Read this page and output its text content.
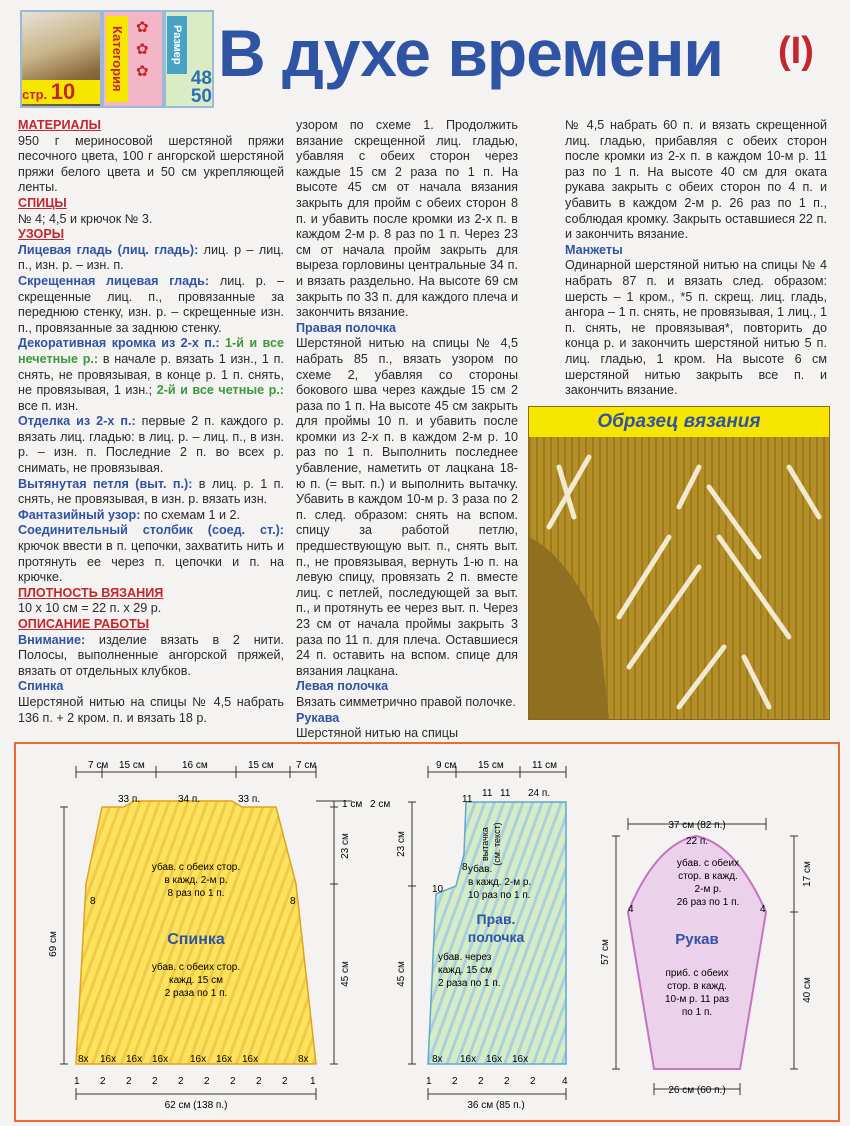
стр. 10	Категория ✿
✿
✿
Размер
48
50
В духе времени (I)
МАТЕРИАЛЫ
950 г мериносовой шерстяной пряжи песочного цвета, 100 г ангорской шерстяной пряжи белого цвета и 50 см укрепляющей ленты.
СПИЦЫ
№ 4; 4,5 и крючок № 3.
УЗОРЫ
Лицевая гладь (лиц. гладь): лиц. р – лиц. п., изн. р. – изн. п.
Скрещенная лицевая гладь: лиц. р. – скрещенные лиц. п., провязанные за переднюю стенку, изн. р. – скрещенные изн. п., провязанные за заднюю стенку.
Декоративная кромка из 2-х п.: 1-й и все нечетные р.: в начале р. вязать 1 изн., 1 п. снять, не провязывая, в конце р. 1 п. снять, не провязывая, 1 изн.; 2-й и все четные р.: все п. изн.
Отделка из 2-х п.: первые 2 п. каждого р. вязать лиц. гладью: в лиц. р. – лиц. п., в изн. р. – изн. п. Последние 2 п. во всех р. снимать, не провязывая.
Вытянутая петля (выт. п.): в лиц. р. 1 п. снять, не провязывая, в изн. р. вязать изн.
Фантазийный узор: по схемам 1 и 2.
Соединительный столбик (соед. ст.): крючок ввести в п. цепочки, захватить нить и протянуть ее через п. цепочки и п. на крючке.
ПЛОТНОСТЬ ВЯЗАНИЯ
10 х 10 см = 22 п. х 29 р.
ОПИСАНИЕ РАБОТЫ
Внимание: изделие вязать в 2 нити. Полосы, выполненные ангорской пряжей, вязать от отдельных клубков.
Спинка
Шерстяной нитью на спицы № 4,5 набрать 136 п. + 2 кром. п. и вязать 18 р.
узором по схеме 1. Продолжить вязание скрещенной лиц. гладью, убавляя с обеих сторон через каждые 15 см 2 раза по 1 п. На высоте 45 см от начала вязания закрыть для пройм с обеих сторон 8 п. и убавить после кромки из 2-х п. в каждом 2-м р. 8 раз по 1 п. Через 23 см от начала пройм закрыть для выреза горловины центральные 34 п. и вязать раздельно. На высоте 69 см закрыть по 33 п. для каждого плеча и закончить вязание.
Правая полочка
Шерстяной нитью на спицы № 4,5 набрать 85 п., вязать узором по схеме 2, убавляя со стороны бокового шва через каждые 15 см 2 раза по 1 п. На высоте 45 см закрыть для проймы 10 п. и убавить после кромки из 2-х п. в каждом 2-м р. 10 раз по 1 п. Выполнить последнее убавление, наметить от лацкана 18-ю п. (= выт. п.) и выполнить вытачку. Убавить в каждом 10-м р. 3 раза по 2 п. след. образом: снять на вспом. спицу за работой петлю, предшествующую выт. п., снять выт. п., не провязывая, вернуть 1-ю п. на левую спицу, провязать 2 п. вместе лиц. с петлей, последующей за выт. п., и протянуть ее через выт. п. Через 23 см от начала проймы закрыть 3 раза по 11 п. для плеча. Оставшиеся 24 п. оставить на вспом. спице для вязания лацкана.
Левая полочка
Вязать симметрично правой полочке.
Рукава
Шерстяной нитью на спицы
№ 4,5 набрать 60 п. и вязать скрещенной лиц. гладью, прибавляя с обеих сторон после кромки из 2-х п. в каждом 10-м р. 11 раз по 1 п. На высоте 40 см для оката рукава закрыть с обеих сторон по 4 п. и убавить в каждом 2-м р. 26 раз по 1 п., соблюдая кромку. Закрыть оставшиеся 22 п. и закончить вязание.
Манжеты
Одинарной шерстяной нитью на спицы № 4 набрать 87 п. и вязать след. образом: шерсть – 1 кром., *5 п. скрещ. лиц. гладь, ангора – 1 п. снять, не провязывая, 1 лиц., 1 п. снять, не провязывая*, повторить до конца р. и закончить шерстяной нитью 5 п. лиц. гладью, 1 кром. На высоте 6 см шерстяной нитью закрыть все п. и закончить вязание.
Образец вязания
7 см 15 см	16 см	15 см 7 см
33 п.	34 п.	33 п.
8	8
убав. с обеих стор.
в кажд. 2-м р.
8 раз по 1 п.
Спинка
убав. с обеих стор.
кажд. 15 см
2 раза по 1 п.
69 см
1 см
23 см
45 см
8х 16х 16х 16х 16х 16х 16х	8х
1 2 2 2 2 2 2 2 2 1
62 см (138 п.)
9 см 15 см	11 см
11
11 11 24 п.
вытачка (см. текст)
8
10
убав.
в кажд. 2-м р.
10 раз по 1 п.
Прав.
полочка
убав. через
кажд. 15 см
2 раза по 1 п.
2 см
23 см
45 см
8х 16х 16х 16х
1 2 2 2 2	4
36 см (85 п.)
37 см (82 п.)
22 п.
убав. с обеих
стор. в кажд.
2-м р.
26 раз по 1 п.
4	4
Рукав
приб. с обеих
стор. в кажд.
10-м р. 11 раз
по 1 п.
57 см
17 см
40 см
26 см (60 п.)
